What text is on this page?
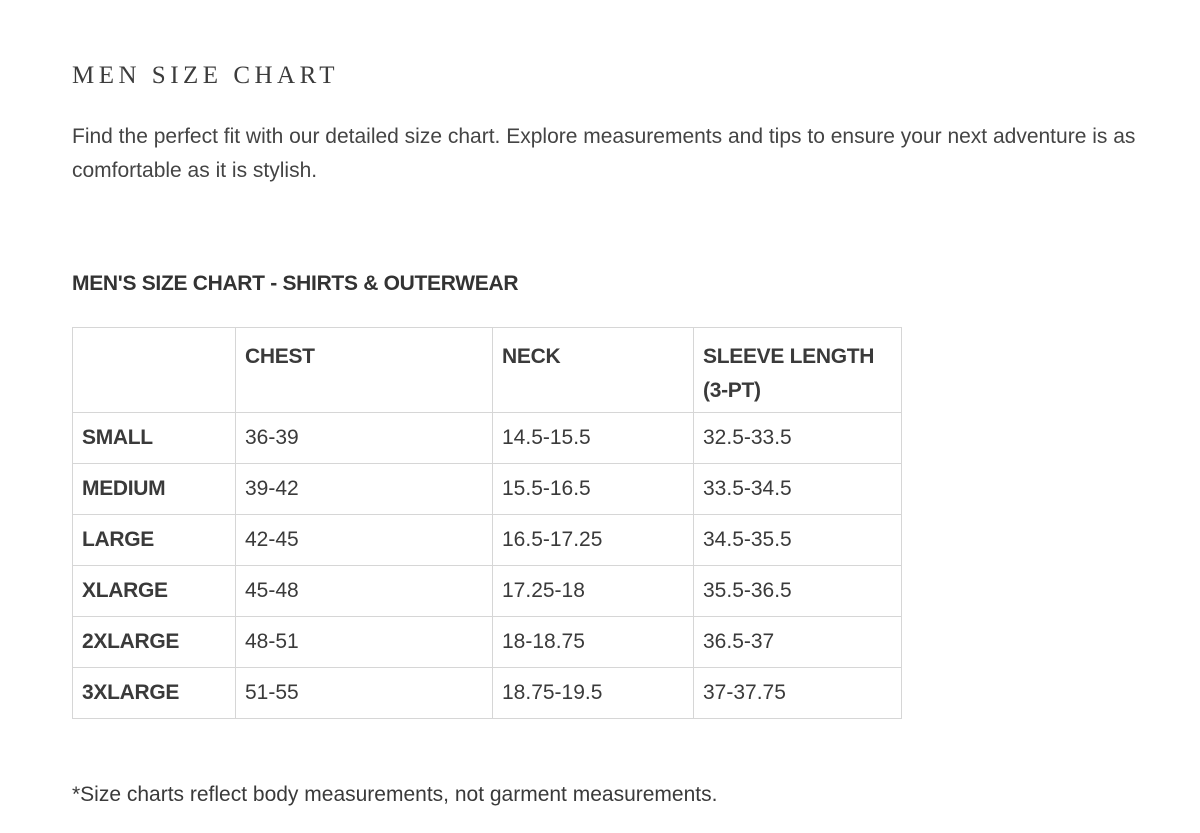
MEN SIZE CHART

Find the perfect fit with our detailed size chart. Explore measurements and tips to ensure your next adventure is as comfortable as it is stylish.

MEN'S SIZE CHART - SHIRTS & OUTERWEAR
	CHEST	NECK	SLEEVE LENGTH (3-PT)
SMALL	36-39	14.5-15.5	32.5-33.5
MEDIUM	39-42	15.5-16.5	33.5-34.5
LARGE	42-45	16.5-17.25	34.5-35.5
XLARGE	45-48	17.25-18	35.5-36.5
2XLARGE	48-51	18-18.75	36.5-37
3XLARGE	51-55	18.75-19.5	37-37.75

*Size charts reflect body measurements, not garment measurements.
